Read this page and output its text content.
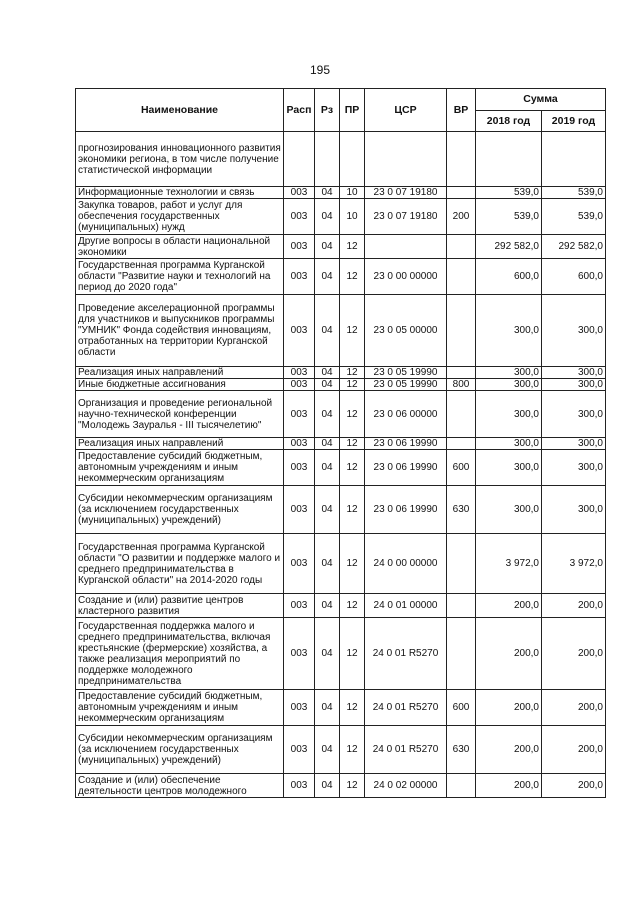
195
Наименование	Расп	Рз	ПР	ЦСР	ВР	Сумма	
						2018 год	2019 год
прогнозирования инновационного развития экономики региона, в том числе получение статистической информации							
Информационные технологии и связь	003	04	10	23 0 07 19180		539,0	539,0
Закупка товаров, работ и услуг для обеспечения государственных (муниципальных) нужд	003	04	10	23 0 07 19180	200	539,0	539,0
Другие вопросы в области национальной экономики	003	04	12			292 582,0	292 582,0
Государственная программа Курганской области "Развитие науки и технологий на период до 2020 года"	003	04	12	23 0 00 00000		600,0	600,0
Проведение акселерационной программы для участников и выпускников программы "УМНИК" Фонда содействия инновациям, отработанных на территории Курганской области	003	04	12	23 0 05 00000		300,0	300,0
Реализация иных направлений	003	04	12	23 0 05 19990		300,0	300,0
Иные бюджетные ассигнования	003	04	12	23 0 05 19990	800	300,0	300,0
Организация и проведение региональной научно-технической конференции "Молодежь Зауралья - III тысячелетию"	003	04	12	23 0 06 00000		300,0	300,0
Реализация иных направлений	003	04	12	23 0 06 19990		300,0	300,0
Предоставление субсидий бюджетным, автономным учреждениям и иным некоммерческим организациям	003	04	12	23 0 06 19990	600	300,0	300,0
Субсидии некоммерческим организациям (за исключением государственных (муниципальных) учреждений)	003	04	12	23 0 06 19990	630	300,0	300,0
Государственная программа Курганской области "О развитии и поддержке малого и среднего предпринимательства в Курганской области" на 2014-2020 годы	003	04	12	24 0 00 00000		3 972,0	3 972,0
Создание и (или) развитие центров кластерного развития	003	04	12	24 0 01 00000		200,0	200,0
Государственная поддержка малого и среднего предпринимательства, включая крестьянские (фермерские) хозяйства, а также реализация мероприятий по поддержке молодежного предпринимательства	003	04	12	24 0 01 R5270		200,0	200,0
Предоставление субсидий бюджетным, автономным учреждениям и иным некоммерческим организациям	003	04	12	24 0 01 R5270	600	200,0	200,0
Субсидии некоммерческим организациям (за исключением государственных (муниципальных) учреждений)	003	04	12	24 0 01 R5270	630	200,0	200,0
Создание и (или) обеспечение деятельности центров молодежного	003	04	12	24 0 02 00000		200,0	200,0
